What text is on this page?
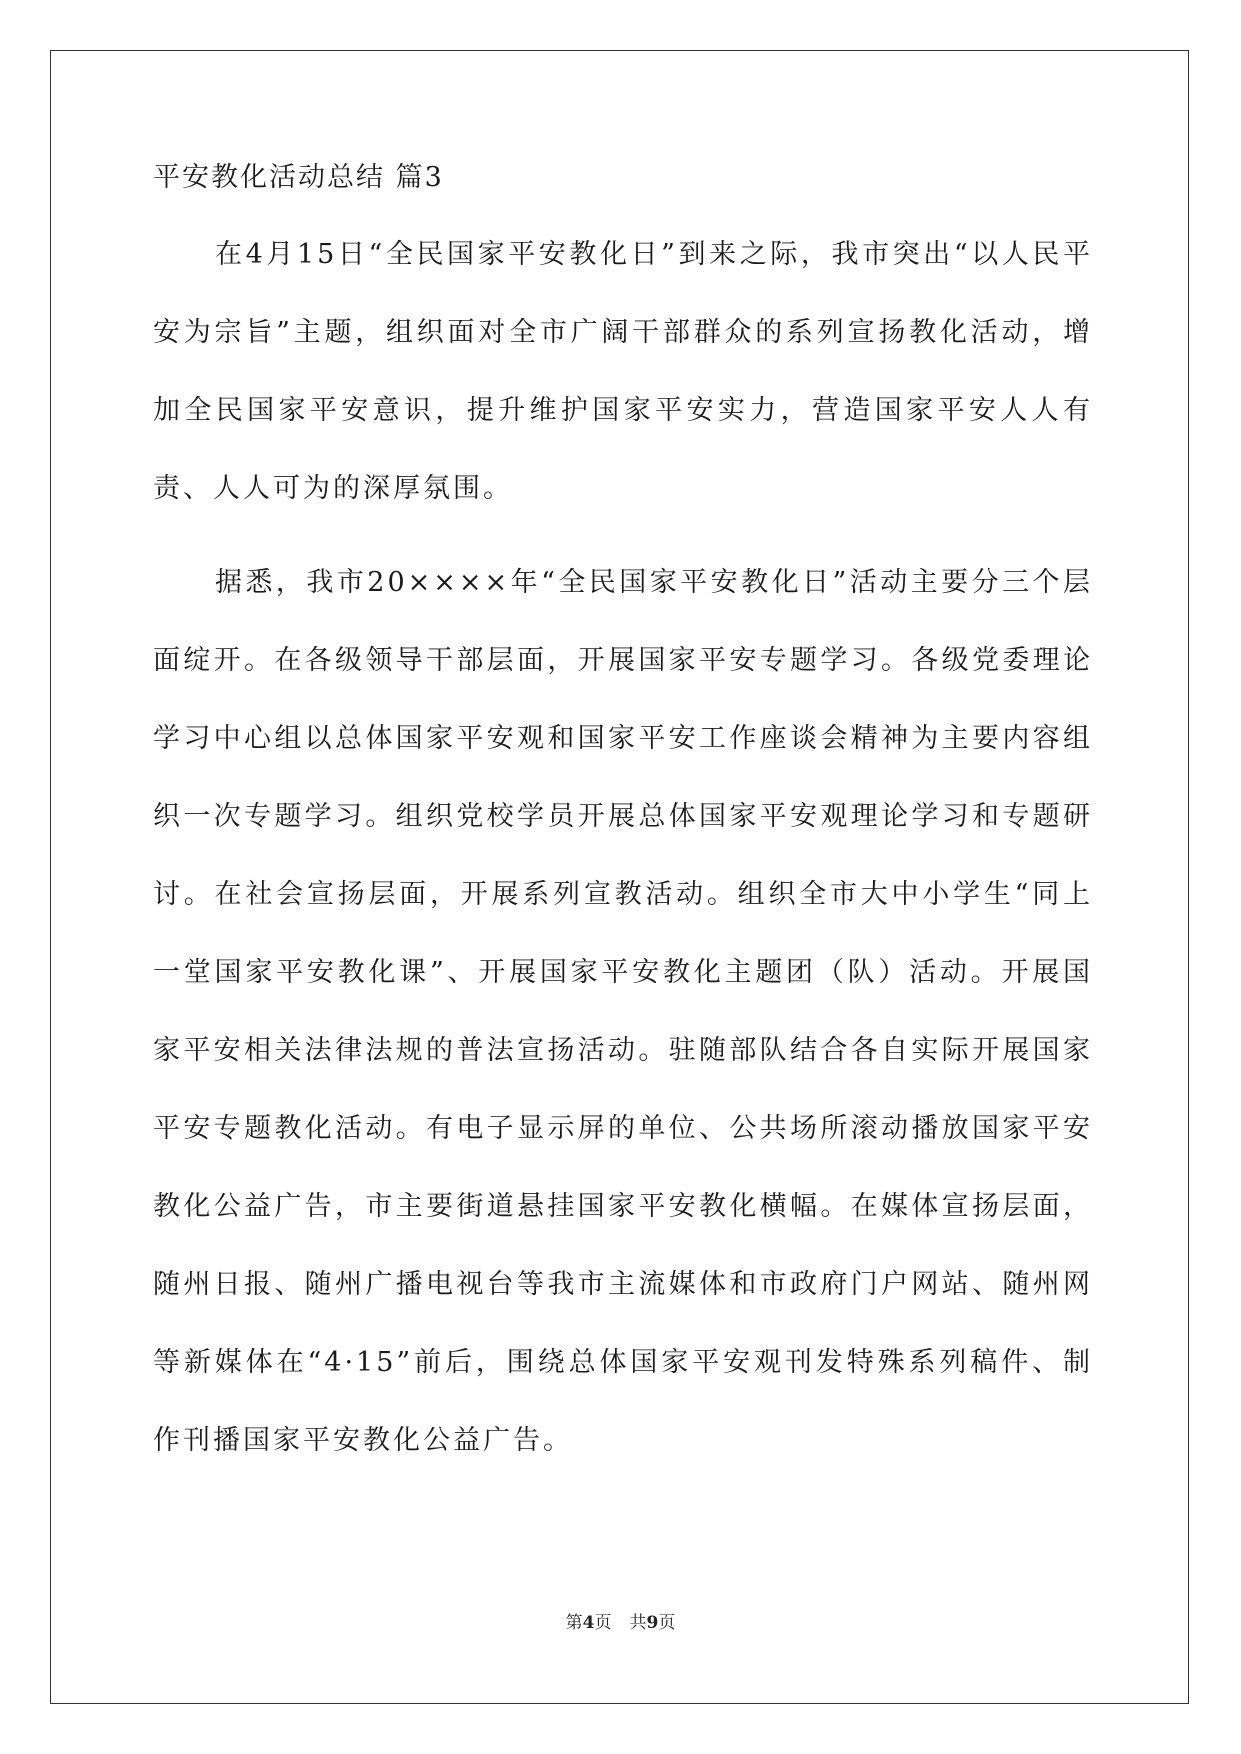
平安教化活动总结 篇3

在4月15日“全民国家平安教化日”到来之际，我市突出“以人民平安为宗旨”主题，组织面对全市广阔干部群众的系列宣扬教化活动，增加全民国家平安意识，提升维护国家平安实力，营造国家平安人人有责、人人可为的深厚氛围。

据悉，我市20××××年“全民国家平安教化日”活动主要分三个层面绽开。在各级领导干部层面，开展国家平安专题学习。各级党委理论学习中心组以总体国家平安观和国家平安工作座谈会精神为主要内容组织一次专题学习。组织党校学员开展总体国家平安观理论学习和专题研讨。在社会宣扬层面，开展系列宣教活动。组织全市大中小学生“同上一堂国家平安教化课”、开展国家平安教化主题团（队）活动。开展国家平安相关法律法规的普法宣扬活动。驻随部队结合各自实际开展国家平安专题教化活动。有电子显示屏的单位、公共场所滚动播放国家平安教化公益广告，市主要街道悬挂国家平安教化横幅。在媒体宣扬层面，随州日报、随州广播电视台等我市主流媒体和市政府门户网站、随州网等新媒体在“4·15”前后，围绕总体国家平安观刊发特殊系列稿件、制作刊播国家平安教化公益广告。

第4页 共9页
